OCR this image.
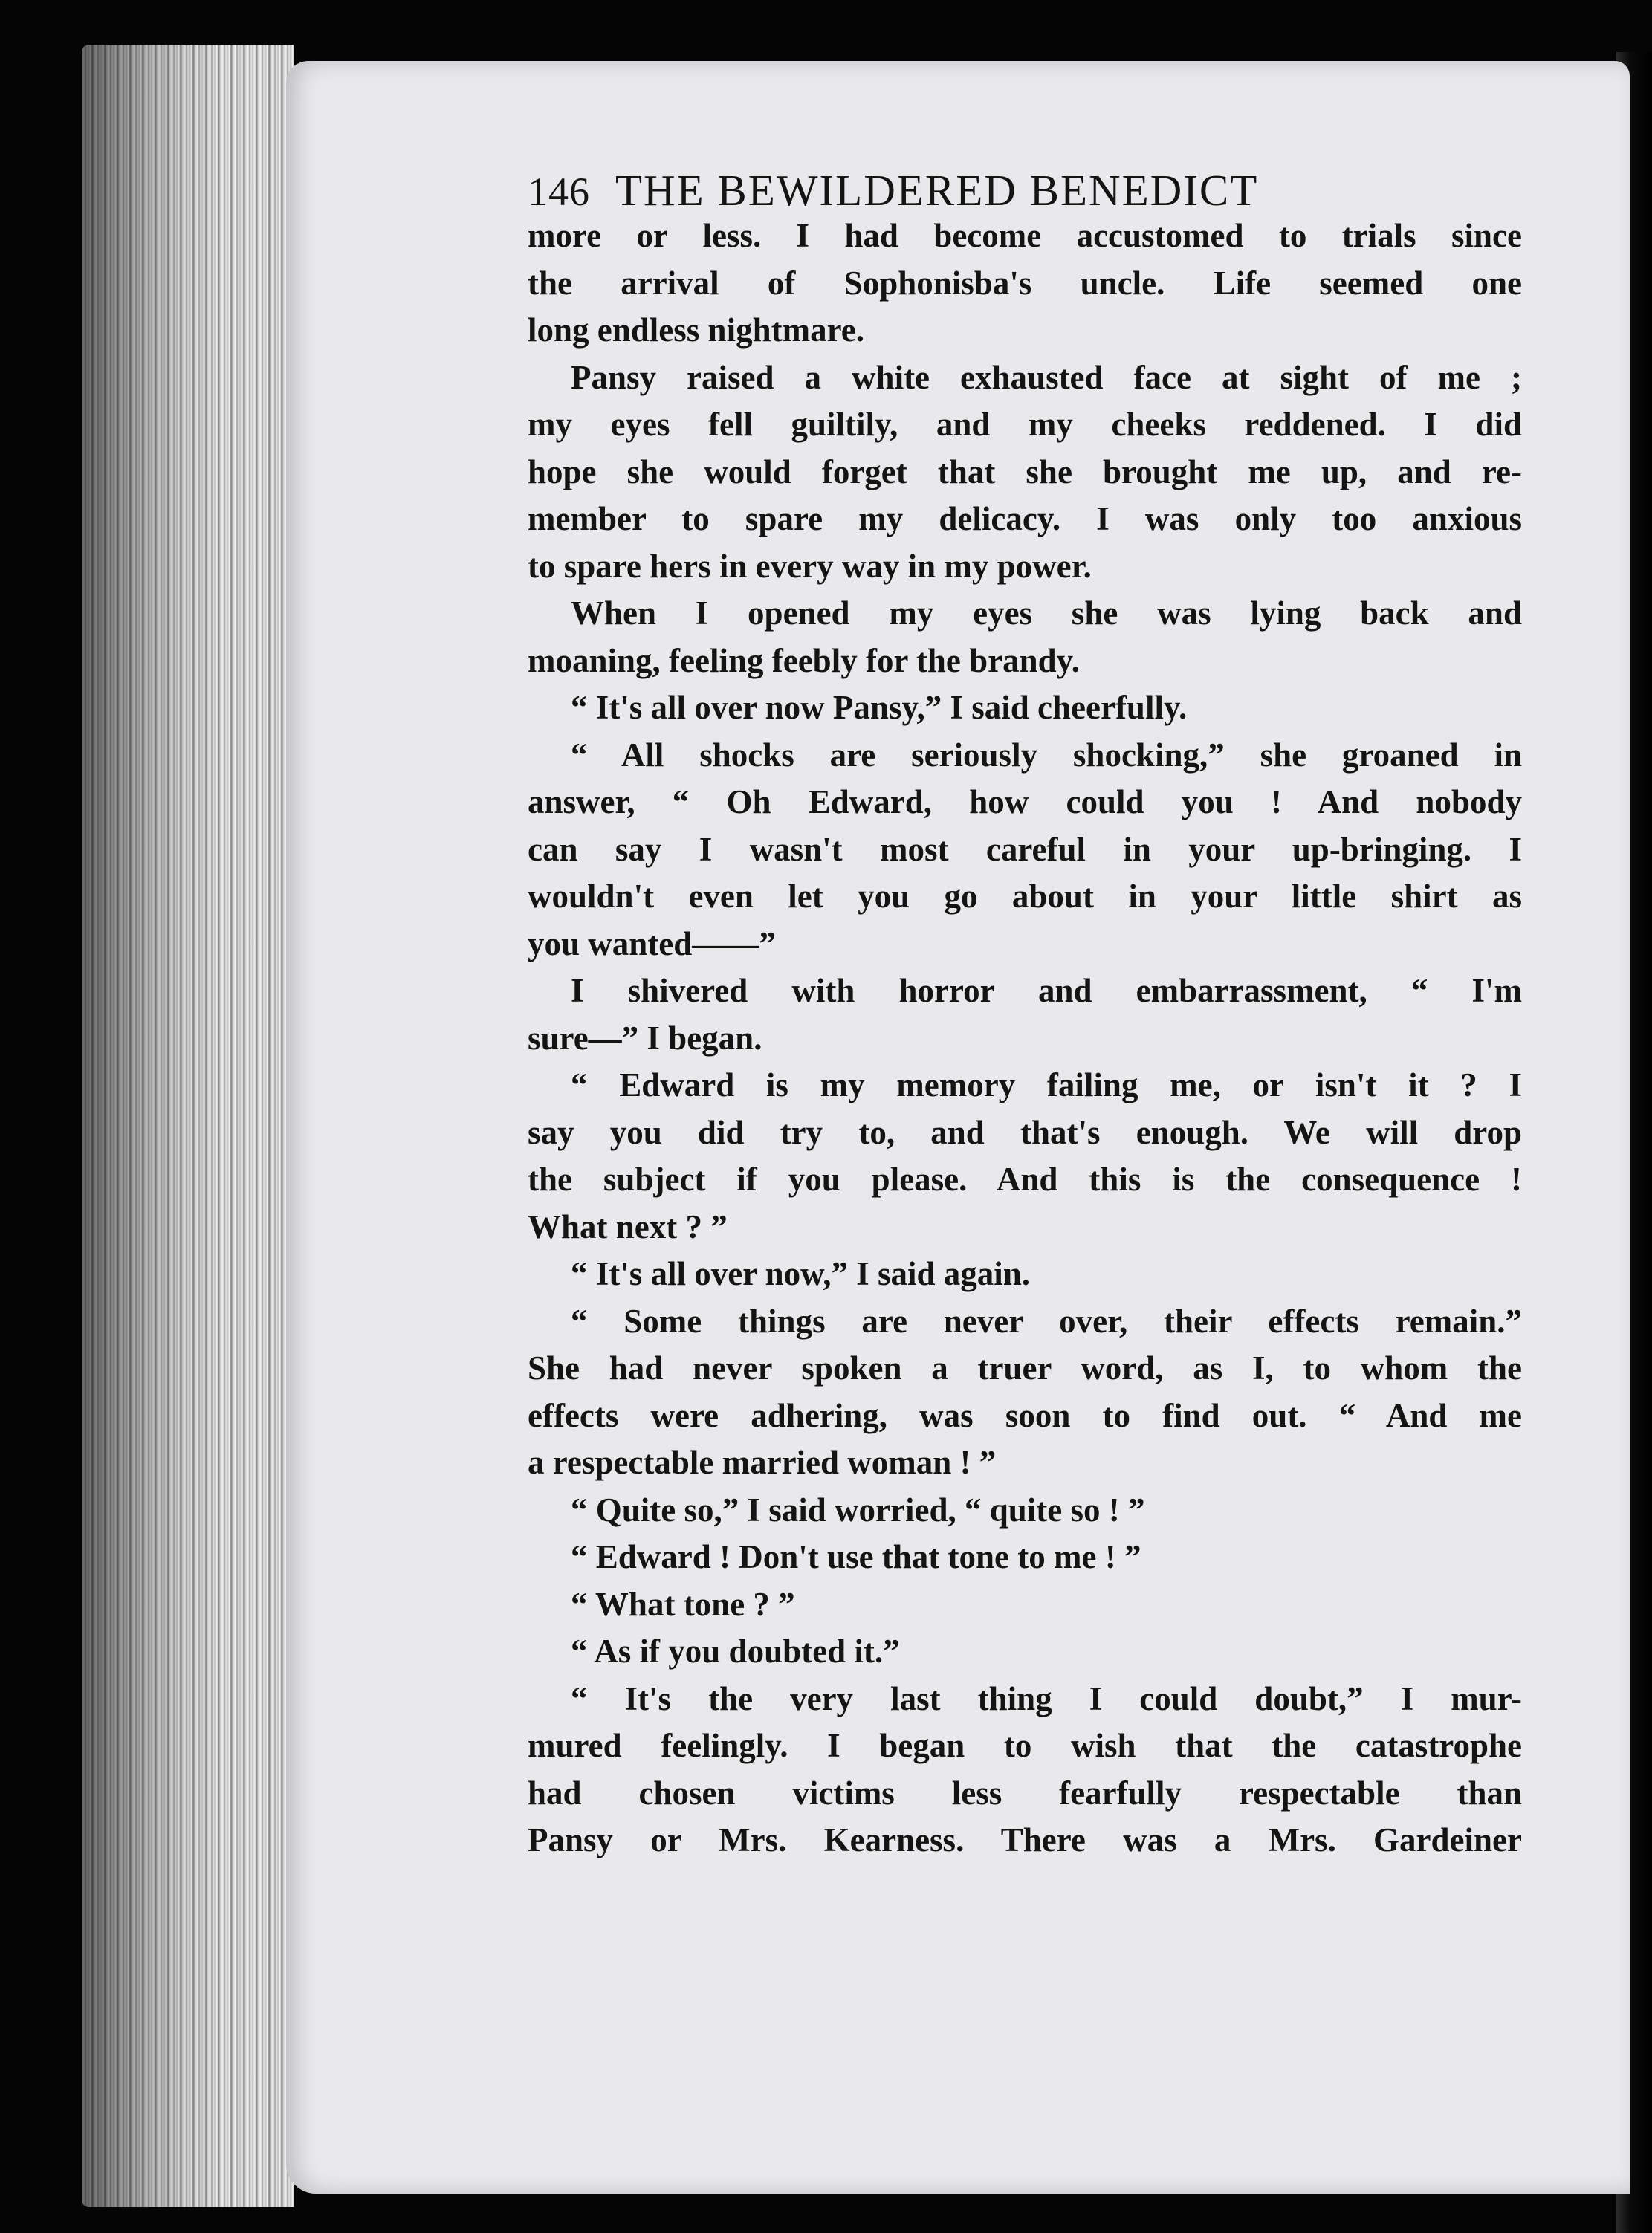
146 THE BEWILDERED BENEDICT
more or less. I had become accustomed to trials since
the arrival of Sophonisba's uncle. Life seemed one
long endless nightmare.
Pansy raised a white exhausted face at sight of me ;
my eyes fell guiltily, and my cheeks reddened. I did
hope she would forget that she brought me up, and re-
member to spare my delicacy. I was only too anxious
to spare hers in every way in my power.
When I opened my eyes she was lying back and
moaning, feeling feebly for the brandy.
“ It's all over now Pansy,” I said cheerfully.
“ All shocks are seriously shocking,” she groaned in
answer, “ Oh Edward, how could you ! And nobody
can say I wasn't most careful in your up-bringing. I
wouldn't even let you go about in your little shirt as
you wanted——”
I shivered with horror and embarrassment, “ I'm
sure—” I began.
“ Edward is my memory failing me, or isn't it ? I
say you did try to, and that's enough. We will drop
the subject if you please. And this is the consequence !
What next ? ”
“ It's all over now,” I said again.
“ Some things are never over, their effects remain.”
She had never spoken a truer word, as I, to whom the
effects were adhering, was soon to find out. “ And me
a respectable married woman ! ”
“ Quite so,” I said worried, “ quite so ! ”
“ Edward ! Don't use that tone to me ! ”
“ What tone ? ”
“ As if you doubted it.”
“ It's the very last thing I could doubt,” I mur-
mured feelingly. I began to wish that the catastrophe
had chosen victims less fearfully respectable than
Pansy or Mrs. Kearness. There was a Mrs. Gardeiner
